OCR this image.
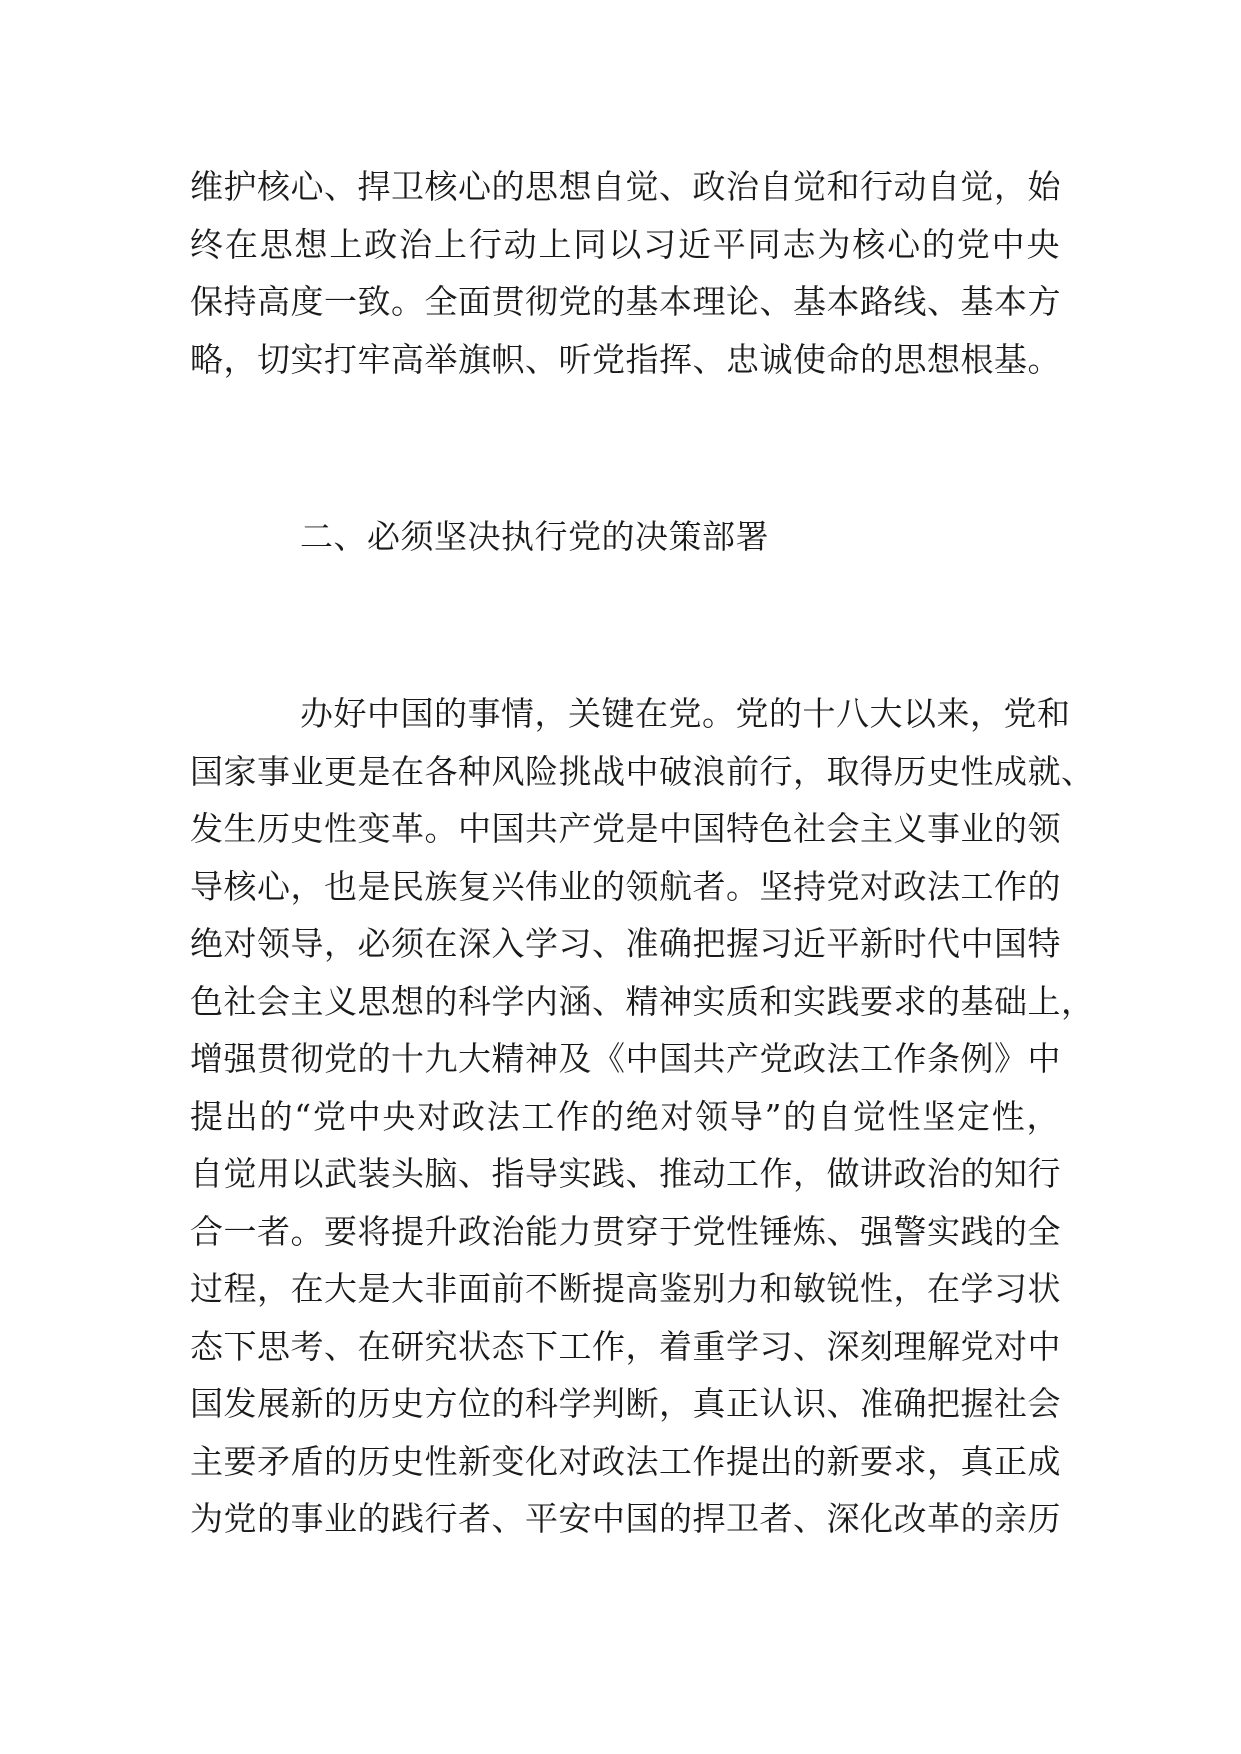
维护核心、捍卫核心的思想自觉、政治自觉和行动自觉，始
终在思想上政治上行动上同以习近平同志为核心的党中央
保持高度一致。全面贯彻党的基本理论、基本路线、基本方
略，切实打牢高举旗帜、听党指挥、忠诚使命的思想根基。
二、必须坚决执行党的决策部署
办好中国的事情，关键在党。党的十八大以来，党和
国家事业更是在各种风险挑战中破浪前行，取得历史性成就、
发生历史性变革。中国共产党是中国特色社会主义事业的领
导核心，也是民族复兴伟业的领航者。坚持党对政法工作的
绝对领导，必须在深入学习、准确把握习近平新时代中国特
色社会主义思想的科学内涵、精神实质和实践要求的基础上，
增强贯彻党的十九大精神及《中国共产党政法工作条例》中
提出的“党中央对政法工作的绝对领导”的自觉性坚定性，
自觉用以武装头脑、指导实践、推动工作，做讲政治的知行
合一者。要将提升政治能力贯穿于党性锤炼、强警实践的全
过程，在大是大非面前不断提高鉴别力和敏锐性，在学习状
态下思考、在研究状态下工作，着重学习、深刻理解党对中
国发展新的历史方位的科学判断，真正认识、准确把握社会
主要矛盾的历史性新变化对政法工作提出的新要求，真正成
为党的事业的践行者、平安中国的捍卫者、深化改革的亲历
